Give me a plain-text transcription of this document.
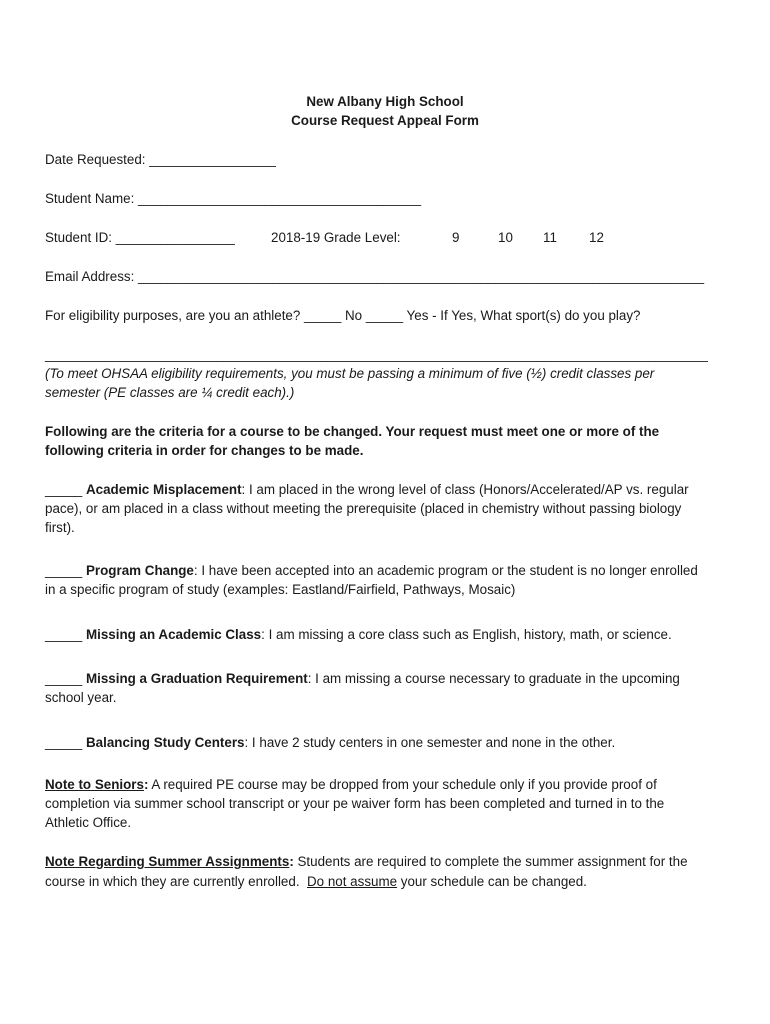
New Albany High School
Course Request Appeal Form
Date Requested: _________________
Student Name: ______________________________________
Student ID: ________________	2018-19 Grade Level:	9	10 11 12
Email Address: ____________________________________________________________________________
For eligibility purposes, are you an athlete? _____ No _____ Yes - If Yes, What sport(s) do you play?
_________________________________________________________________________________________
(To meet OHSAA eligibility requirements, you must be passing a minimum of five (½) credit classes per
semester (PE classes are ¼ credit each).)
Following are the criteria for a course to be changed. Your request must meet one or more of the
following criteria in order for changes to be made.
_____ Academic Misplacement: I am placed in the wrong level of class (Honors/Accelerated/AP vs. regular
pace), or am placed in a class without meeting the prerequisite (placed in chemistry without passing biology
first).
_____ Program Change: I have been accepted into an academic program or the student is no longer enrolled
in a specific program of study (examples: Eastland/Fairfield, Pathways, Mosaic)
_____ Missing an Academic Class: I am missing a core class such as English, history, math, or science.
_____ Missing a Graduation Requirement: I am missing a course necessary to graduate in the upcoming
school year.
_____ Balancing Study Centers: I have 2 study centers in one semester and none in the other.
Note to Seniors: A required PE course may be dropped from your schedule only if you provide proof of
completion via summer school transcript or your pe waiver form has been completed and turned in to the
Athletic Office.
Note Regarding Summer Assignments: Students are required to complete the summer assignment for the
course in which they are currently enrolled.  Do not assume your schedule can be changed.
